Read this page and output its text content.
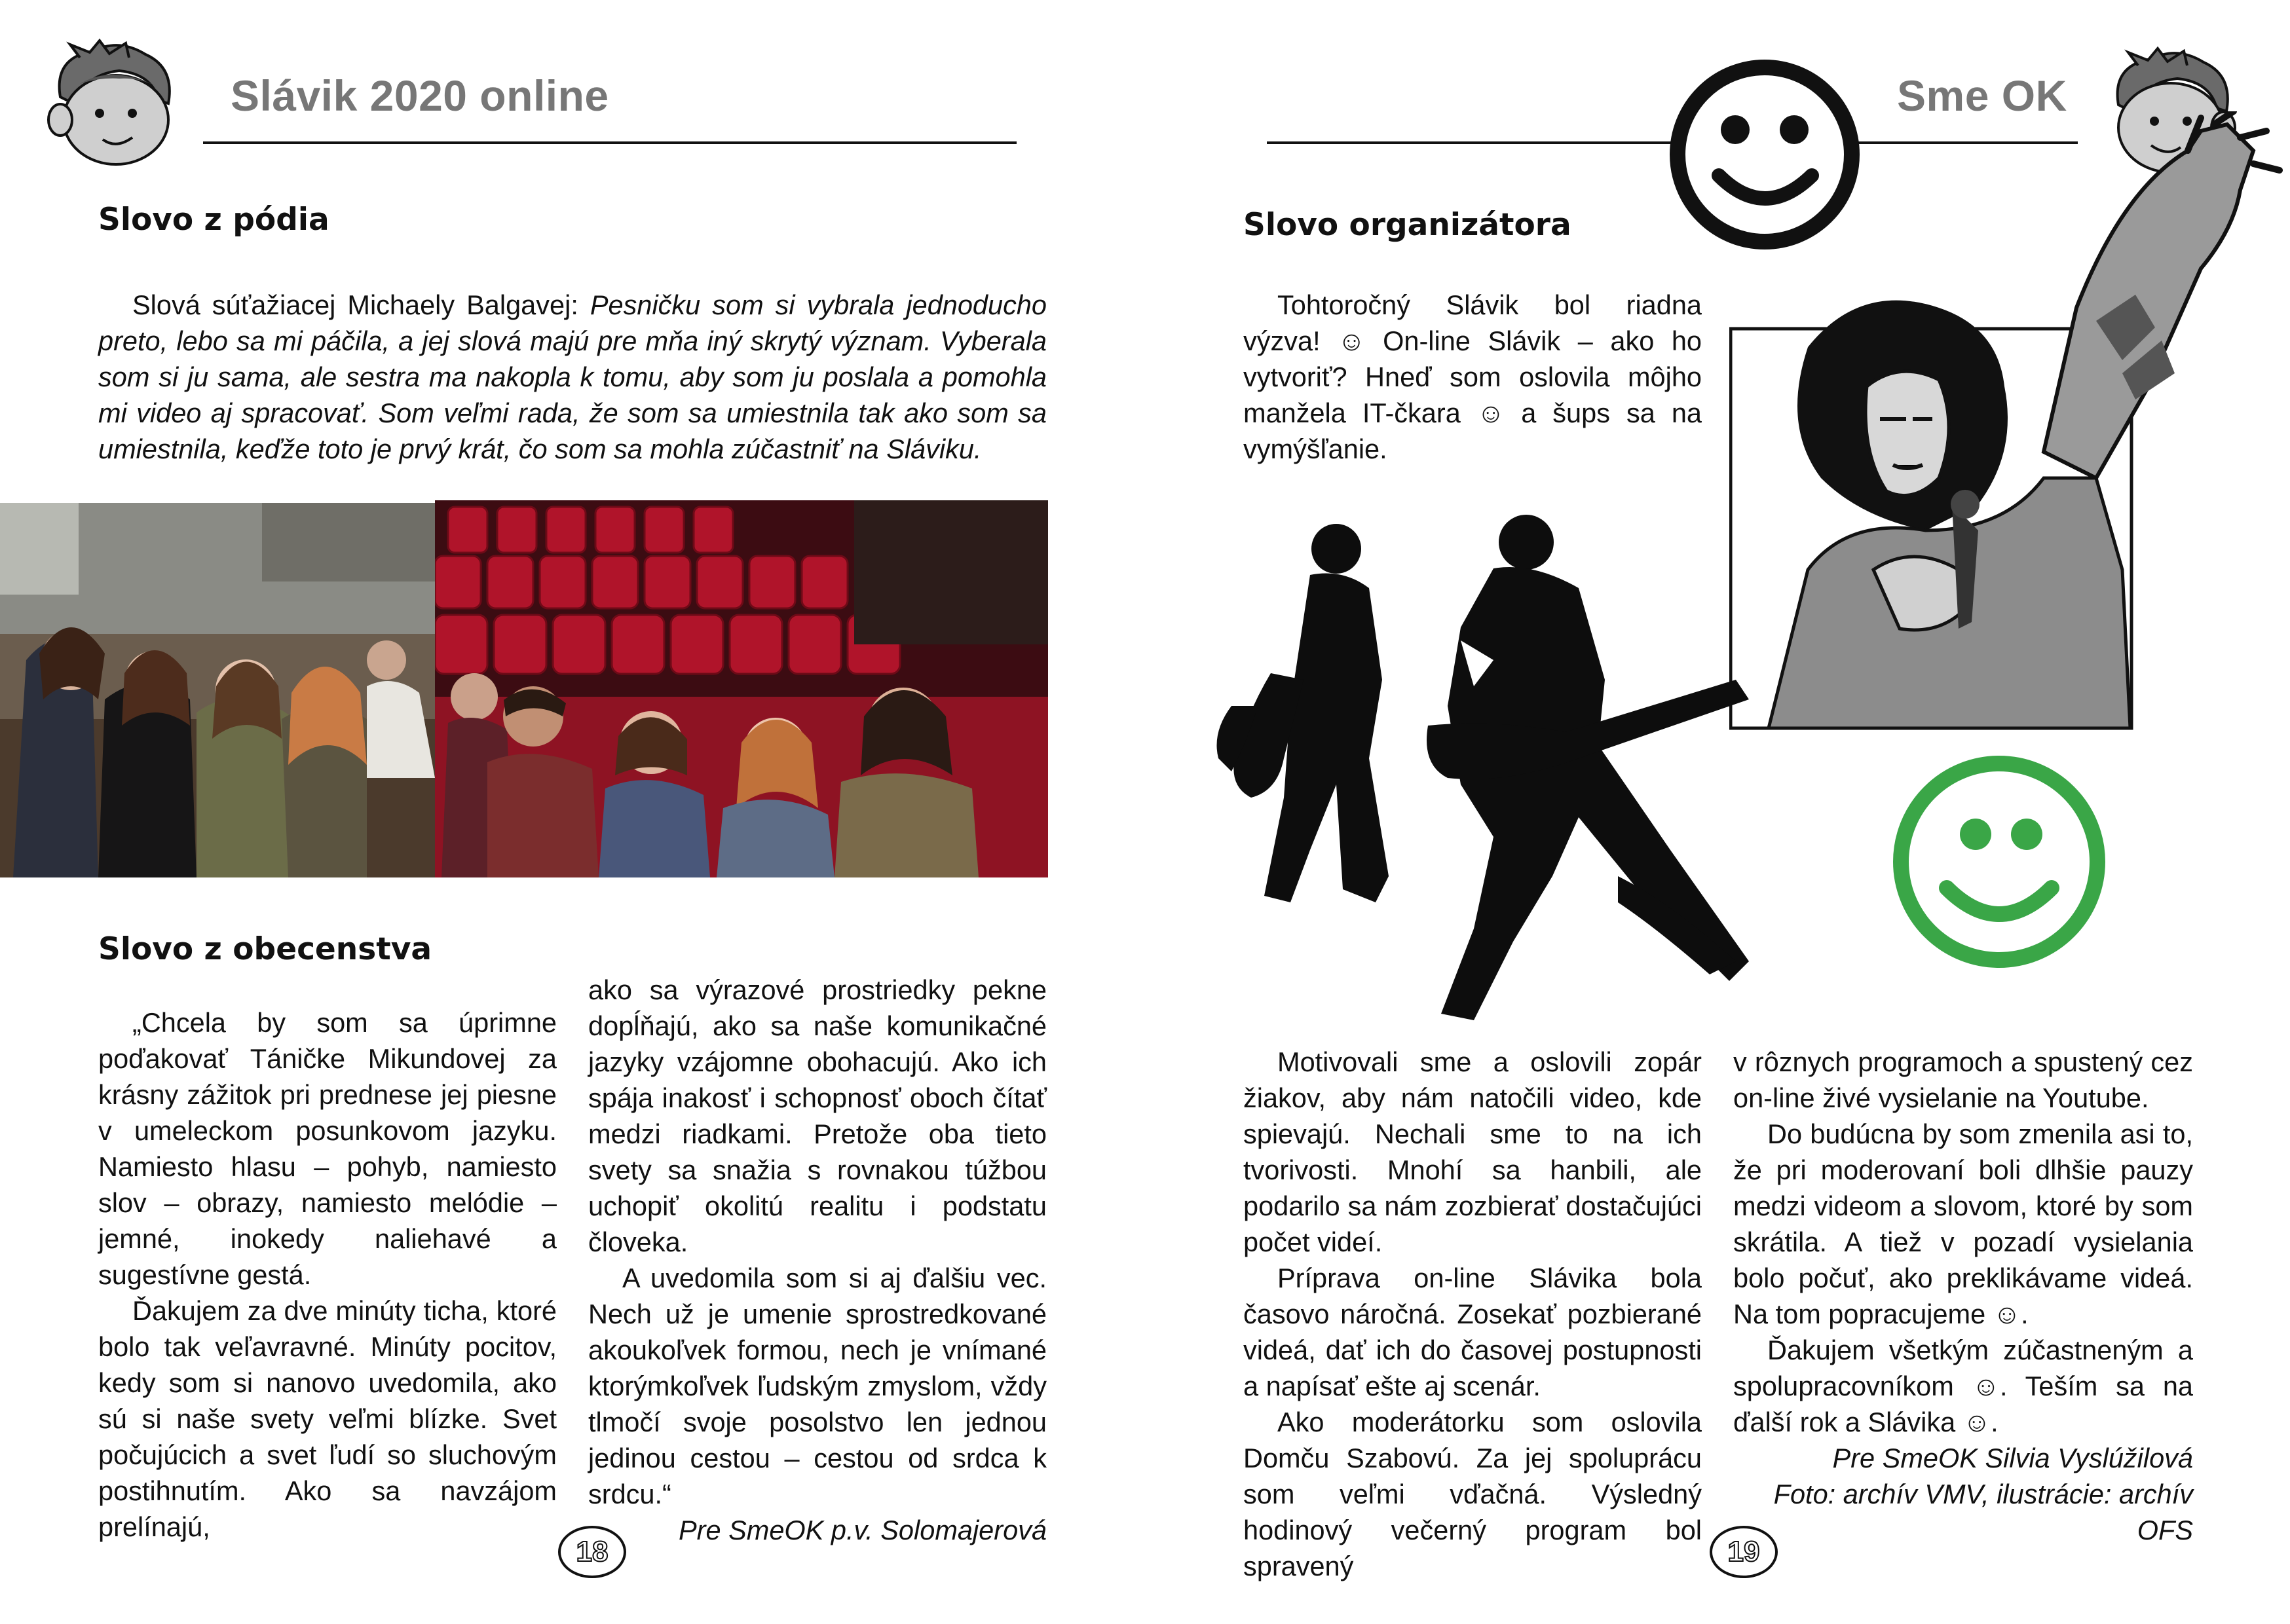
Slávik 2020 online
Slovo z pódia

Slová súťažiacej Michaely Balgavej: Pesničku som si vybrala jednoducho preto, lebo sa mi páčila, a jej slová majú pre mňa iný skrytý význam. Vyberala som si ju sama, ale sestra ma nakopla k tomu, aby som ju poslala a pomohla mi video aj spracovať. Som veľmi rada, že som sa umiestnila tak ako som sa umiestnila, keďže toto je prvý krát, čo som sa mohla zúčastniť na Sláviku.

Slovo z obecenstva

„Chcela by som sa úprimne poďakovať Táničke Mikundovej za krásny zážitok pri prednese jej piesne v umeleckom posunkovom jazyku. Namiesto hlasu – pohyb, namiesto slov – obrazy, namiesto melódie – jemné, inokedy naliehavé a sugestívne gestá.

Ďakujem za dve minúty ticha, ktoré bolo tak veľavravné. Minúty pocitov, kedy som si nanovo uvedomila, ako sú si naše svety veľmi blízke. Svet počujúcich a svet ľudí so sluchovým postihnutím. Ako sa navzájom prelínajú,

ako sa výrazové prostriedky pekne dopĺňajú, ako sa naše komunikačné jazyky vzájomne obohacujú. Ako ich spája inakosť i schopnosť oboch čítať medzi riadkami. Pretože oba tieto svety sa snažia s rovnakou túžbou uchopiť okolitú realitu i podstatu človeka.

A uvedomila som si aj ďalšiu vec. Nech už je umenie sprostredkované akoukoľvek formou, nech je vnímané ktorýmkoľvek ľudským zmyslom, vždy tlmočí svoje posolstvo len jednou jedinou cestou – cestou od srdca k srdcu.“

Pre SmeOK p.v. Solomajerová
18
Sme OK
Slovo organizátora

Tohtoročný Slávik bol riadna výzva! ☺ On-line Slávik – ako ho vytvoriť? Hneď som oslovila môjho manžela IT-čkara ☺ a šups sa na vymýšľanie.

Motivovali sme a oslovili zopár žiakov, aby nám natočili video, kde spievajú. Nechali sme to na ich tvorivosti. Mnohí sa hanbili, ale podarilo sa nám zozbierať dostačujúci počet videí.

Príprava on-line Slávika bola časovo náročná. Zosekať pozbierané videá, dať ich do časovej postupnosti a napísať ešte aj scenár.

Ako moderátorku som oslovila Domču Szabovú. Za jej spoluprácu som veľmi vďačná. Výsledný hodinový večerný program bol spravený

v rôznych programoch a spustený cez on-line živé vysielanie na Youtube.

Do budúcna by som zmenila asi to, že pri moderovaní boli dlhšie pauzy medzi videom a slovom, ktoré by som skrátila. A tiež v pozadí vysielania bolo počuť, ako preklikávame videá. Na tom popracujeme ☺.

Ďakujem všetkým zúčastneným a spolupracovníkom ☺. Teším sa na ďalší rok a Slávika ☺.

Pre SmeOK Silvia Vyslúžilová
Foto: archív VMV, ilustrácie: archív OFS
19
